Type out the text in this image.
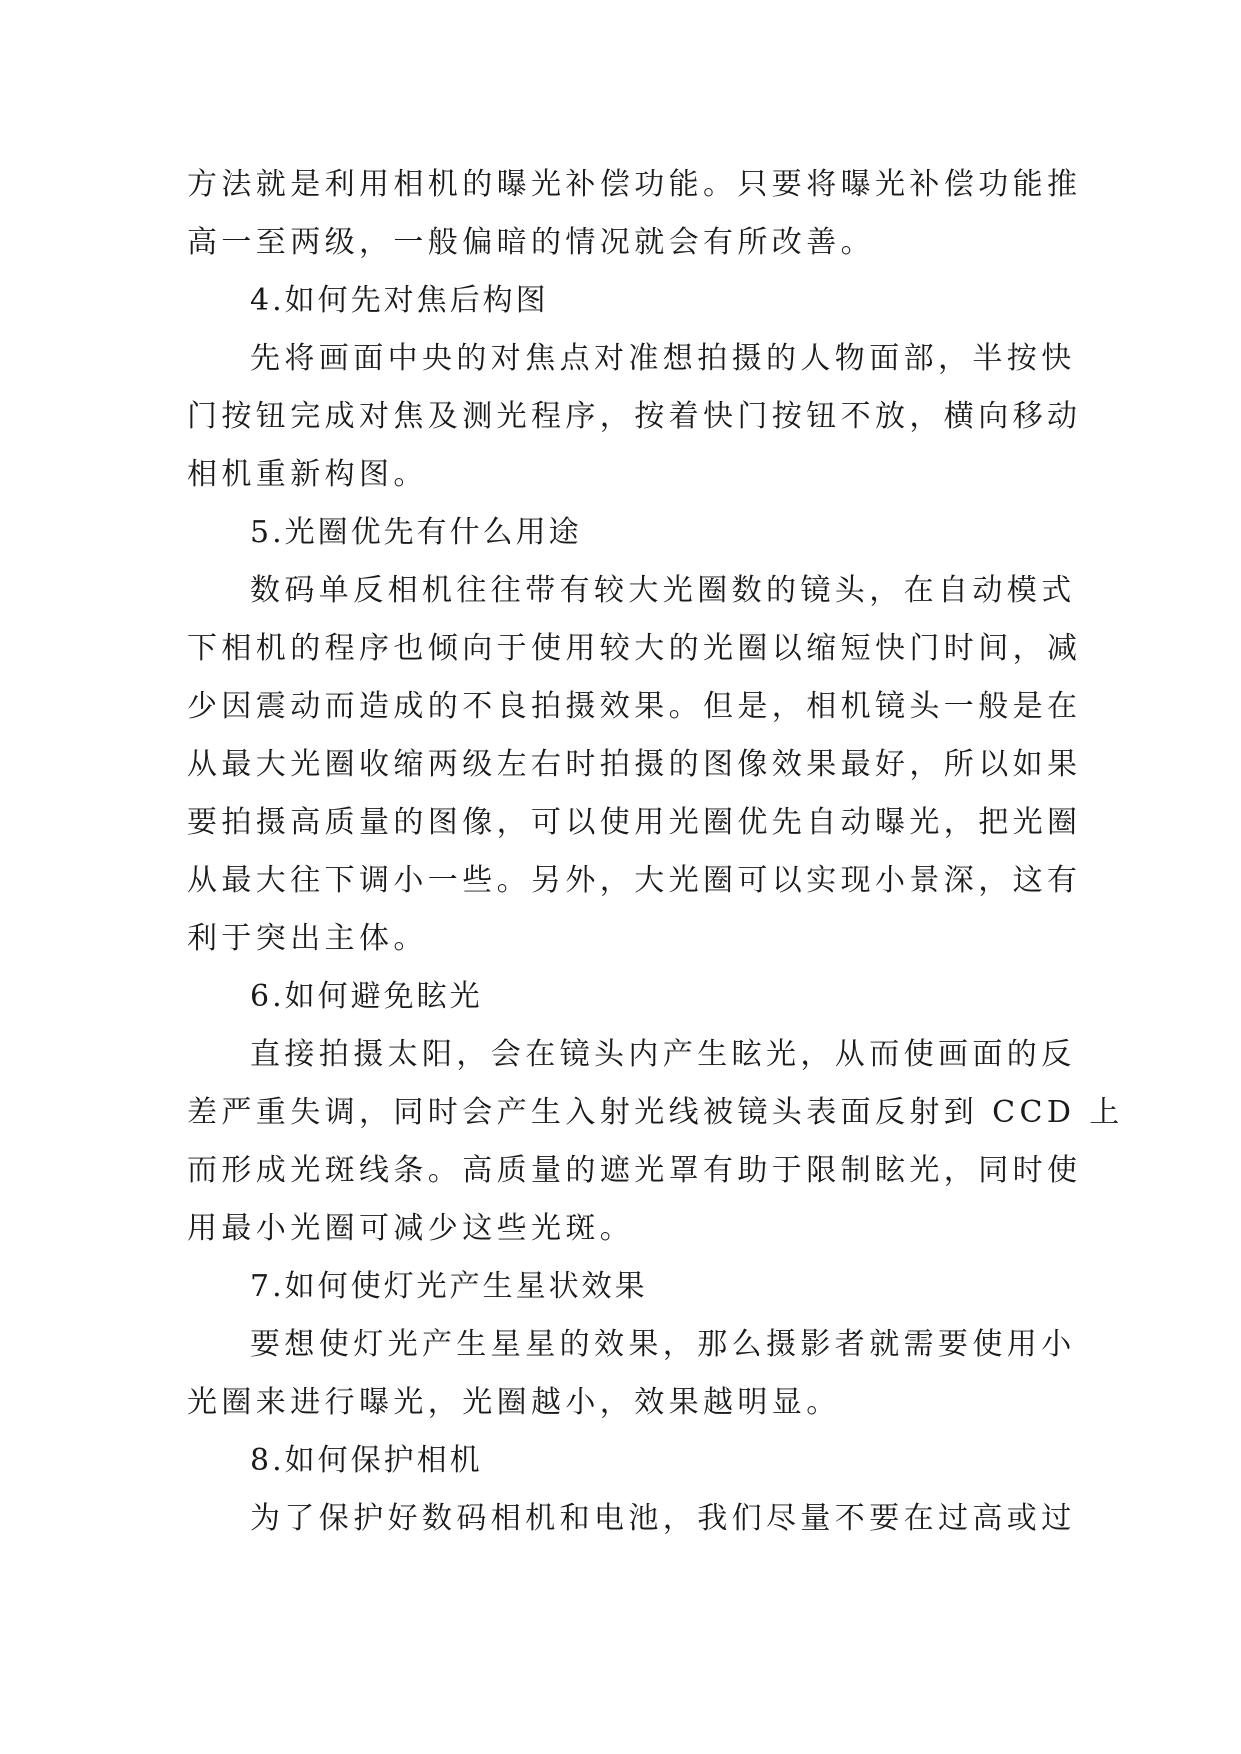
方法就是利用相机的曝光补偿功能。只要将曝光补偿功能推
高一至两级，一般偏暗的情况就会有所改善。
4.如何先对焦后构图
先将画面中央的对焦点对准想拍摄的人物面部，半按快
门按钮完成对焦及测光程序，按着快门按钮不放，横向移动
相机重新构图。
5.光圈优先有什么用途
数码单反相机往往带有较大光圈数的镜头，在自动模式
下相机的程序也倾向于使用较大的光圈以缩短快门时间，减
少因震动而造成的不良拍摄效果。但是，相机镜头一般是在
从最大光圈收缩两级左右时拍摄的图像效果最好，所以如果
要拍摄高质量的图像，可以使用光圈优先自动曝光，把光圈
从最大往下调小一些。另外，大光圈可以实现小景深，这有
利于突出主体。
6.如何避免眩光
直接拍摄太阳，会在镜头内产生眩光，从而使画面的反
差严重失调，同时会产生入射光线被镜头表面反射到 CCD 上
而形成光斑线条。高质量的遮光罩有助于限制眩光，同时使
用最小光圈可减少这些光斑。
7.如何使灯光产生星状效果
要想使灯光产生星星的效果，那么摄影者就需要使用小
光圈来进行曝光，光圈越小，效果越明显。
8.如何保护相机
为了保护好数码相机和电池，我们尽量不要在过高或过
